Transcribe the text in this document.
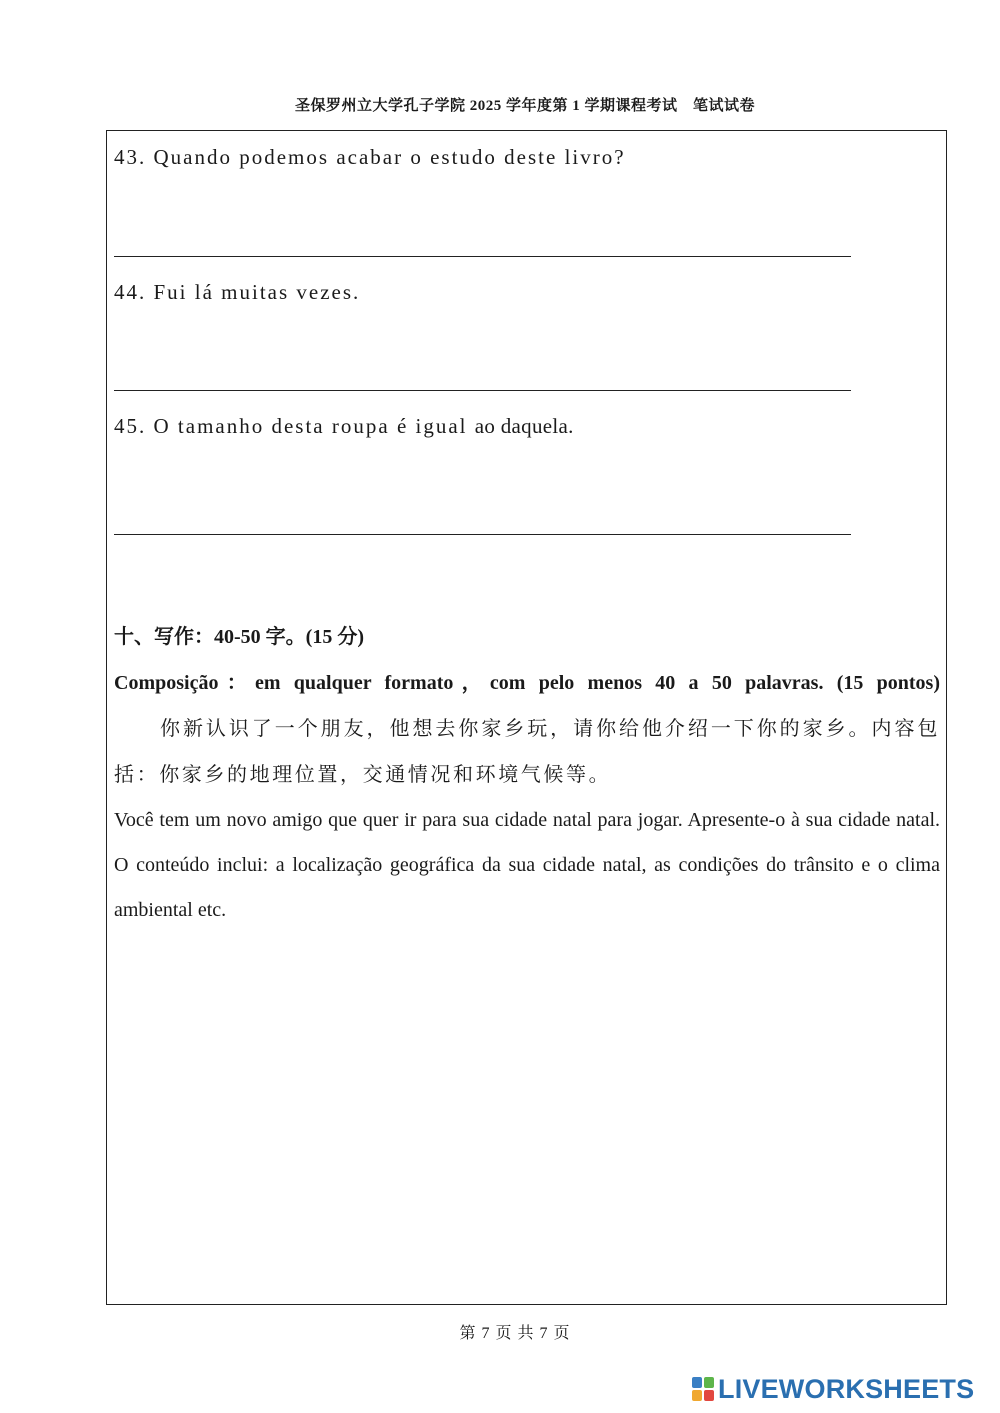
圣保罗州立大学孔子学院 2025 学年度第 1 学期课程考试　笔试试卷
43. Quando podemos acabar o estudo deste livro?
44. Fui lá muitas vezes.
45. O tamanho desta roupa é igual ao daquela.
十、写作：40-50 字。(15 分)
Composição：em qualquer formato，com pelo menos 40 a 50 palavras. (15 pontos)
你新认识了一个朋友，他想去你家乡玩，请你给他介绍一下你的家乡。内容包括：你家乡的地理位置，交通情况和环境气候等。
Você tem um novo amigo que quer ir para sua cidade natal para jogar. Apresente-o à sua cidade natal. O conteúdo inclui: a localização geográfica da sua cidade natal, as condições do trânsito e o clima ambiental etc.
第 7 页 共 7 页
LIVEWORKSHEETS
